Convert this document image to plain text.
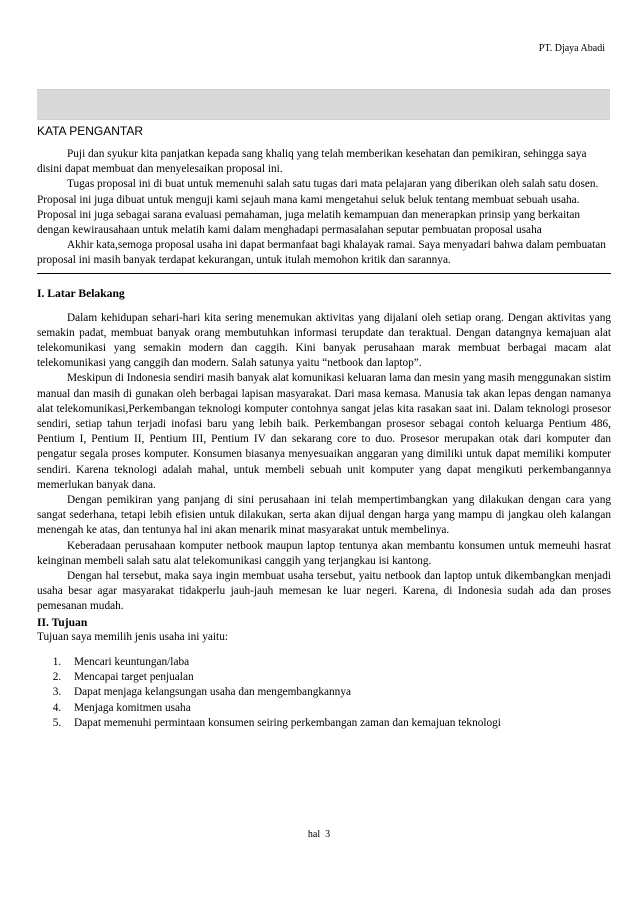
PT. Djaya Abadi
KATA PENGANTAR

Puji dan syukur kita panjatkan kepada sang khaliq yang telah memberikan kesehatan dan pemikiran, sehingga saya disini dapat membuat dan menyelesaikan proposal ini.

Tugas proposal ini di buat untuk memenuhi salah satu tugas dari mata pelajaran yang diberikan oleh salah satu dosen. Proposal ini juga dibuat untuk menguji kami sejauh mana kami mengetahui seluk beluk tentang membuat sebuah usaha. Proposal ini juga sebagai sarana evaluasi pemahaman, juga melatih kemampuan dan menerapkan prinsip yang berkaitan dengan kewirausahaan untuk melatih kami dalam menghadapi permasalahan seputar pembuatan proposal usaha

Akhir kata,semoga proposal usaha ini dapat bermanfaat bagi khalayak ramai. Saya menyadari bahwa dalam pembuatan proposal ini masih banyak terdapat kekurangan, untuk itulah memohon kritik dan sarannya.

I. Latar Belakang

Dalam kehidupan sehari-hari kita sering menemukan aktivitas yang dijalani oleh setiap orang. Dengan aktivitas yang semakin padat, membuat banyak orang membutuhkan informasi terupdate dan teraktual. Dengan datangnya kemajuan alat telekomunikasi yang semakin modern dan caggih. Kini banyak perusahaan marak membuat berbagai macam alat telekomunikasi yang canggih dan modern. Salah satunya yaitu “netbook dan laptop”.

Meskipun di Indonesia sendiri masih banyak alat komunikasi keluaran lama dan mesin yang masih menggunakan sistim manual dan masih di gunakan oleh berbagai lapisan masyarakat. Dari masa kemasa. Manusia tak akan lepas dengan namanya alat telekomunikasi,Perkembangan teknologi komputer contohnya sangat jelas kita rasakan saat ini. Dalam teknologi prosesor sendiri, setiap tahun terjadi inofasi baru yang lebih baik. Perkembangan prosesor sebagai contoh keluarga Pentium 486, Pentium I, Pentium II, Pentium III, Pentium IV dan sekarang core to duo. Prosesor merupakan otak dari komputer dan pengatur segala proses komputer. Konsumen biasanya menyesuaikan anggaran yang dimiliki untuk dapat memiliki komputer sendiri. Karena teknologi adalah mahal, untuk membeli sebuah unit komputer yang dapat mengikuti perkembangannya memerlukan banyak dana.

Dengan pemikiran yang panjang di sini perusahaan ini telah mempertimbangkan yang dilakukan dengan cara yang sangat sederhana, tetapi lebih efisien untuk dilakukan, serta akan dijual dengan harga yang mampu di jangkau oleh kalangan menengah ke atas, dan tentunya hal ini akan menarik minat masyarakat untuk membelinya.

Keberadaan perusahaan komputer netbook maupun laptop tentunya akan membantu konsumen untuk memeuhi hasrat keinginan membeli salah satu alat telekomunikasi canggih yang terjangkau isi kantong.

Dengan hal tersebut, maka saya ingin membuat usaha tersebut, yaitu netbook dan laptop untuk dikembangkan menjadi usaha besar agar masyarakat tidakperlu jauh-jauh memesan ke luar negeri. Karena, di Indonesia sudah ada dan proses pemesanan mudah.

II. Tujuan

Tujuan saya memilih jenis usaha ini yaitu:

1. Mencari keuntungan/laba
2. Mencapai target penjualan
3. Dapat menjaga kelangsungan usaha dan mengembangkannya
4. Menjaga komitmen usaha
5. Dapat memenuhi permintaan konsumen seiring perkembangan zaman dan kemajuan teknologi
hal  3
